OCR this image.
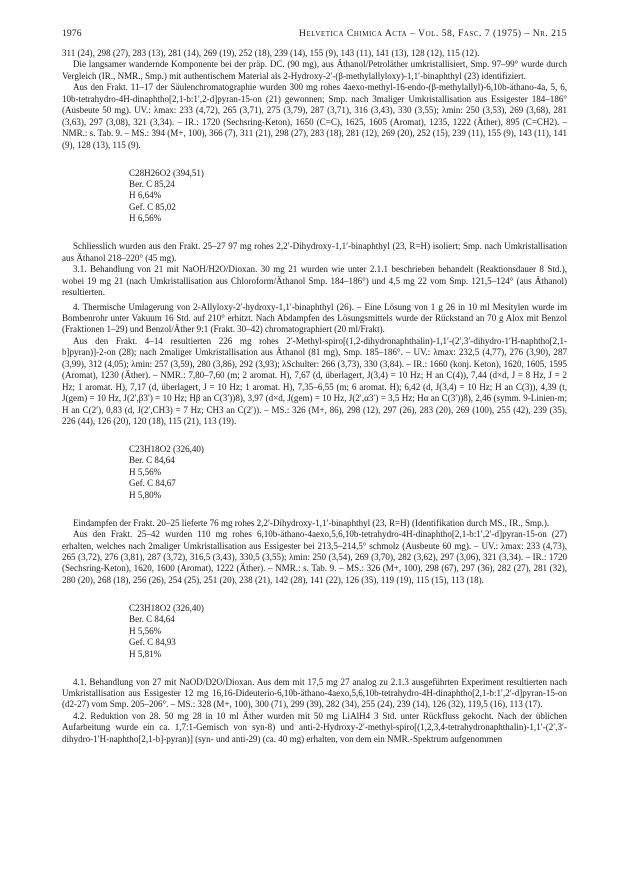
1976	Helvetica Chimica Acta – Vol. 58, Fasc. 7 (1975) – Nr. 215

311 (24), 298 (27), 283 (13), 281 (14), 269 (19), 252 (18), 239 (14), 155 (9), 143 (11), 141 (13), 128 (12), 115 (12).

Die langsamer wandernde Komponente bei der präp. DC. (90 mg), aus Äthanol/Petroläther umkristallisiert, Smp. 97–99° wurde durch Vergleich (IR., NMR., Smp.) mit authentischem Material als 2-Hydroxy-2′-(β-methylallyloxy)-1,1′-binaphthyl (23) identifiziert.

Aus den Frakt. 11–17 der Säulenchromatographie wurden 300 mg rohes 4aexo-methyl-16-endo-(β-methylallyl)-6,10b-äthano-4a, 5, 6, 10b-tetrahydro-4H-dinaphtho[2,1-b:1′,2-d]pyran-15-on (21) gewonnen; Smp. nach 3maliger Umkristallisation aus Essigester 184–186° (Ausbeute 50 mg). UV.: λmax: 233 (4,72), 265 (3,71), 275 (3,79), 287 (3,71), 316 (3,43), 330 (3,55); λmin: 250 (3,53), 269 (3,68), 281 (3,63), 297 (3,08), 321 (3,34). – IR.: 1720 (Sechsring-Keton), 1650 (C=C), 1625, 1605 (Aromat), 1235, 1222 (Äther), 895 (C=CH2). – NMR.: s. Tab. 9. – MS.: 394 (M+, 100), 366 (7), 311 (21), 298 (27), 283 (18), 281 (12), 269 (20), 252 (15), 239 (11), 155 (9), 143 (11), 141 (9), 128 (13), 115 (9).

C28H26O2 (394,51)
Ber. C 85,24
H 6,64%
Gef. C 85,02
H 6,56%

Schliesslich wurden aus den Frakt. 25–27 97 mg rohes 2,2′-Dihydroxy-1,1′-binaphthyl (23, R=H) isoliert; Smp. nach Umkristallisation aus Äthanol 218–220° (45 mg).

3.1. Behandlung von 21 mit NaOH/H2O/Dioxan. 30 mg 21 wurden wie unter 2.1.1 beschrieben behandelt (Reaktionsdauer 8 Std.), wobei 19 mg 21 (nach Umkristallisation aus Chloroform/Äthanol Smp. 184–186°) und 4,5 mg 22 vom Smp. 121,5–124° (aus Äthanol) resultierten.

4. Thermische Umlagerung von 2-Allyloxy-2′-hydroxy-1,1′-binaphthyl (26). – Eine Lösung von 1 g 26 in 10 ml Mesitylen wurde im Bombenrohr unter Vakuum 16 Std. auf 210° erhitzt. Nach Abdampfen des Lösungsmittels wurde der Rückstand an 70 g Alox mit Benzol (Fraktionen 1–29) und Benzol/Äther 9:1 (Frakt. 30–42) chromatographiert (20 ml/Frakt).

Aus den Frakt. 4–14 resultierten 226 mg rohes 2′-Methyl-spiro[(1,2-dihydronaphthalin)-1,1′-(2′,3′-dihydro-1′H-naphtho[2,1-b]pyran)]-2-on (28); nach 2maliger Umkristallisation aus Äthanol (81 mg), Smp. 185–186°. – UV.: λmax: 232,5 (4,77), 276 (3,90), 287 (3,99), 312 (4,05); λmin: 257 (3,59), 280 (3,86), 292 (3,93); λSchulter: 266 (3,73), 330 (3,84). – IR.: 1660 (konj. Keton), 1620, 1605, 1595 (Aromat), 1230 (Äther). – NMR.: 7,80–7,60 (m; 2 aromat. H), 7,67 (d, überlagert, J(3,4) = 10 Hz; H an C(4)), 7,44 (d×d, J = 8 Hz, J = 2 Hz; 1 aromat. H), 7,17 (d, überlagert, J = 10 Hz; 1 aromat. H), 7,35–6,55 (m; 6 aromat. H); 6,42 (d, J(3,4) = 10 Hz; H an C(3)), 4,39 (t, J(gem) = 10 Hz, J(2′,β3′) = 10 Hz; Hβ an C(3′))8), 3,97 (d×d, J(gem) = 10 Hz, J(2′,α3′) = 3,5 Hz; Hα an C(3′))8), 2,46 (symm. 9-Linien-m; H an C(2′), 0,83 (d, J(2′,CH3) = 7 Hz; CH3 an C(2′)). – MS.: 326 (M+, 86), 298 (12), 297 (26), 283 (20), 269 (100), 255 (42), 239 (35), 226 (44), 126 (20), 120 (18), 115 (21), 113 (19).

C23H18O2 (326,40)
Ber. C 84,64
H 5,56%
Gef. C 84,67
H 5,80%

Eindampfen der Frakt. 20–25 lieferte 76 mg rohes 2,2′-Dihydroxy-1,1′-binaphthyl (23, R=H) (Identifikation durch MS., IR., Smp.).

Aus den Frakt. 25–42 wurden 110 mg rohes 6,10b-äthano-4aexo,5,6,10b-tetrahydro-4H-dinaphtho[2,1-b:1′,2′-d]pyran-15-on (27) erhalten, welches nach 2maliger Umkristallisation aus Essigester bei 213,5–214,5° schmolz (Ausbeute 60 mg). – UV.: λmax: 233 (4,73), 265 (3,72), 276 (3,81), 287 (3,72), 316,5 (3,43), 330,5 (3,55); λmin: 250 (3,54), 269 (3,70), 282 (3,62), 297 (3,06), 321 (3,34). – IR.: 1720 (Sechsring-Keton), 1620, 1600 (Aromat), 1222 (Äther). – NMR.: s. Tab. 9. – MS.: 326 (M+, 100), 298 (67), 297 (36), 282 (27), 281 (32), 280 (20), 268 (18), 256 (26), 254 (25), 251 (20), 238 (21), 142 (28), 141 (22), 126 (35), 119 (19), 115 (15), 113 (18).

C23H18O2 (326,40)
Ber. C 84,64
H 5,56%
Gef. C 84,93
H 5,81%

4.1. Behandlung von 27 mit NaOD/D2O/Dioxan. Aus dem mit 17,5 mg 27 analog zu 2.1.3 ausgeführten Experiment resultierten nach Umkristallisation aus Essigester 12 mg 16,16-Dideuterio-6,10b-äthano-4aexo,5,6,10b-tetrahydro-4H-dinaphtho[2,1-b:1′,2′-d]pyran-15-on (d2-27) vom Smp. 205–206°. – MS.: 328 (M+, 100), 300 (71), 299 (39), 282 (34), 255 (24), 239 (14), 126 (32), 119,5 (16), 113 (17).

4.2. Reduktion von 28. 50 mg 28 in 10 ml Äther wurden mit 50 mg LiAlH4 3 Std. unter Rückfluss gekocht. Nach der üblichen Aufarbeitung wurde ein ca. 1,7:1-Gemisch von syn-8) und anti-2-Hydroxy-2′-methyl-spiro[(1,2,3,4-tetrahydronaphthalin)-1,1′-(2′,3′-dihydro-1′H-naphtho[2,1-b]-pyran)] (syn- und anti-29) (ca. 40 mg) erhalten, von dem ein NMR.-Spektrum aufgenommen
